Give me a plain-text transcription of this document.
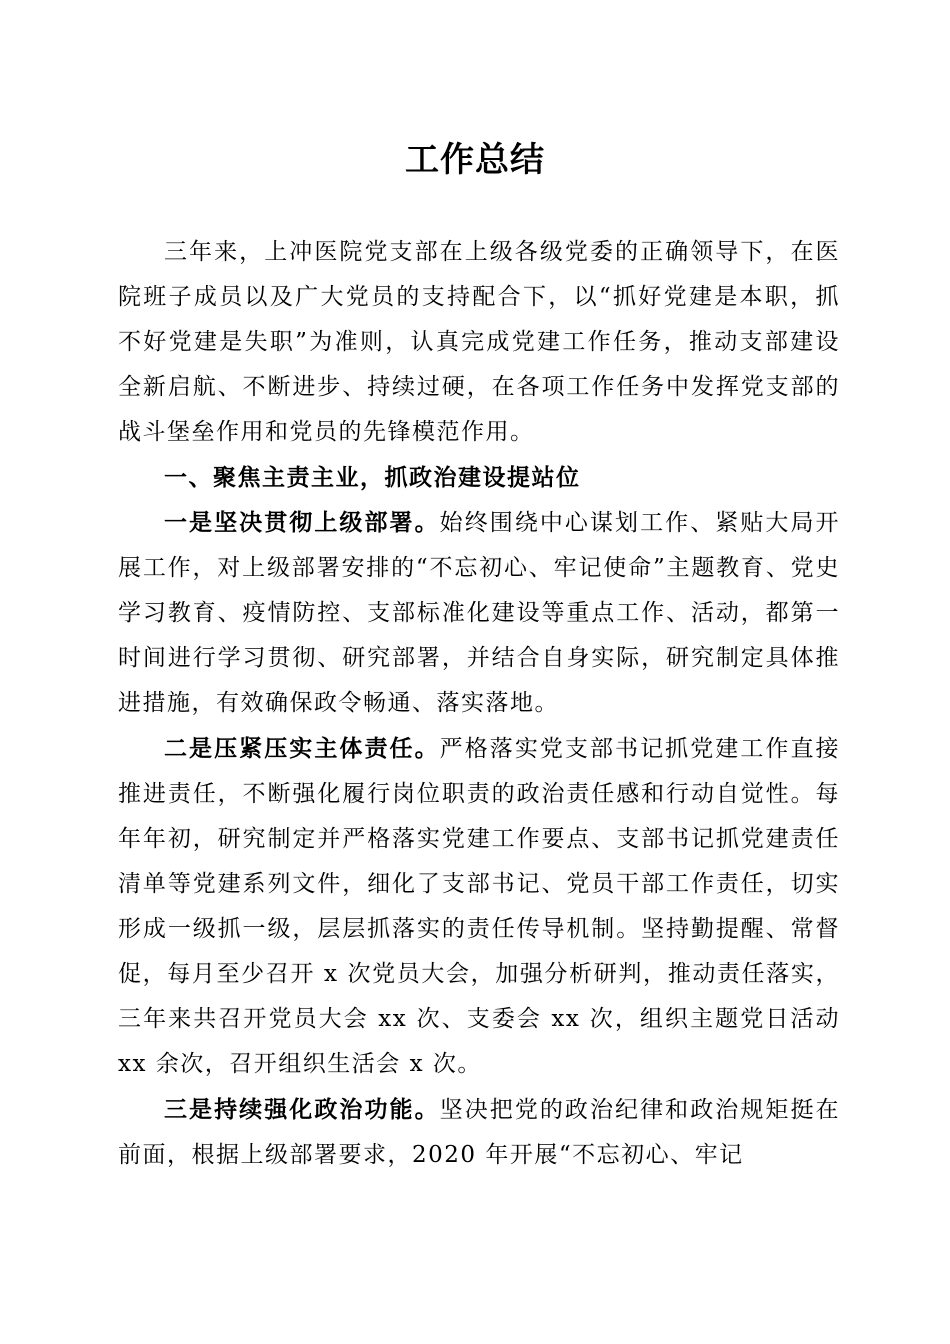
工作总结

三年来，上冲医院党支部在上级各级党委的正确领导下，在医院班子成员以及广大党员的支持配合下，以“抓好党建是本职，抓不好党建是失职”为准则，认真完成党建工作任务，推动支部建设全新启航、不断进步、持续过硬，在各项工作任务中发挥党支部的战斗堡垒作用和党员的先锋模范作用。

一、聚焦主责主业，抓政治建设提站位

一是坚决贯彻上级部署。始终围绕中心谋划工作、紧贴大局开展工作，对上级部署安排的“不忘初心、牢记使命”主题教育、党史学习教育、疫情防控、支部标准化建设等重点工作、活动，都第一时间进行学习贯彻、研究部署，并结合自身实际，研究制定具体推进措施，有效确保政令畅通、落实落地。

二是压紧压实主体责任。严格落实党支部书记抓党建工作直接推进责任，不断强化履行岗位职责的政治责任感和行动自觉性。每年年初，研究制定并严格落实党建工作要点、支部书记抓党建责任清单等党建系列文件，细化了支部书记、党员干部工作责任，切实形成一级抓一级，层层抓落实的责任传导机制。坚持勤提醒、常督促，每月至少召开 x 次党员大会，加强分析研判，推动责任落实，三年来共召开党员大会 xx 次、支委会 xx 次，组织主题党日活动 xx 余次，召开组织生活会 x 次。

三是持续强化政治功能。坚决把党的政治纪律和政治规矩挺在前面，根据上级部署要求，2020 年开展“不忘初心、牢记
